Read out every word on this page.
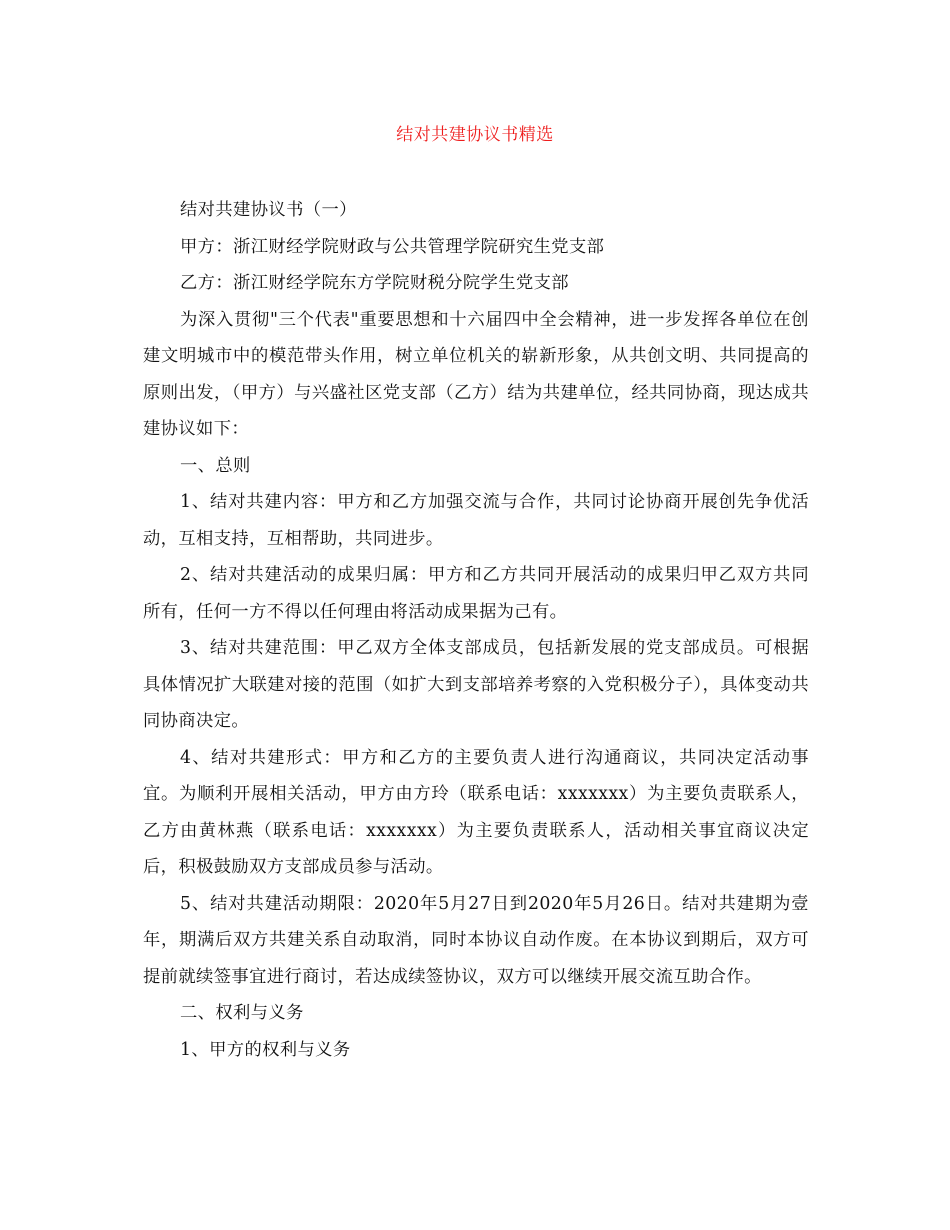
结对共建协议书精选

结对共建协议书（一）

甲方：浙江财经学院财政与公共管理学院研究生党支部

乙方：浙江财经学院东方学院财税分院学生党支部

为深入贯彻"三个代表"重要思想和十六届四中全会精神，进一步发挥各单位在创建文明城市中的模范带头作用，树立单位机关的崭新形象，从共创文明、共同提高的原则出发，（甲方）与兴盛社区党支部（乙方）结为共建单位，经共同协商，现达成共建协议如下：

一、总则

1、结对共建内容：甲方和乙方加强交流与合作，共同讨论协商开展创先争优活动，互相支持，互相帮助，共同进步。

2、结对共建活动的成果归属：甲方和乙方共同开展活动的成果归甲乙双方共同所有，任何一方不得以任何理由将活动成果据为己有。

3、结对共建范围：甲乙双方全体支部成员，包括新发展的党支部成员。可根据具体情况扩大联建对接的范围（如扩大到支部培养考察的入党积极分子），具体变动共同协商决定。

4、结对共建形式：甲方和乙方的主要负责人进行沟通商议，共同决定活动事宜。为顺利开展相关活动，甲方由方玲（联系电话：xxxxxxx）为主要负责联系人，乙方由黄林燕（联系电话：xxxxxxx）为主要负责联系人，活动相关事宜商议决定后，积极鼓励双方支部成员参与活动。

5、结对共建活动期限：2020年5月27日到2020年5月26日。结对共建期为壹年，期满后双方共建关系自动取消，同时本协议自动作废。在本协议到期后，双方可提前就续签事宜进行商讨，若达成续签协议，双方可以继续开展交流互助合作。

二、权利与义务

1、甲方的权利与义务
